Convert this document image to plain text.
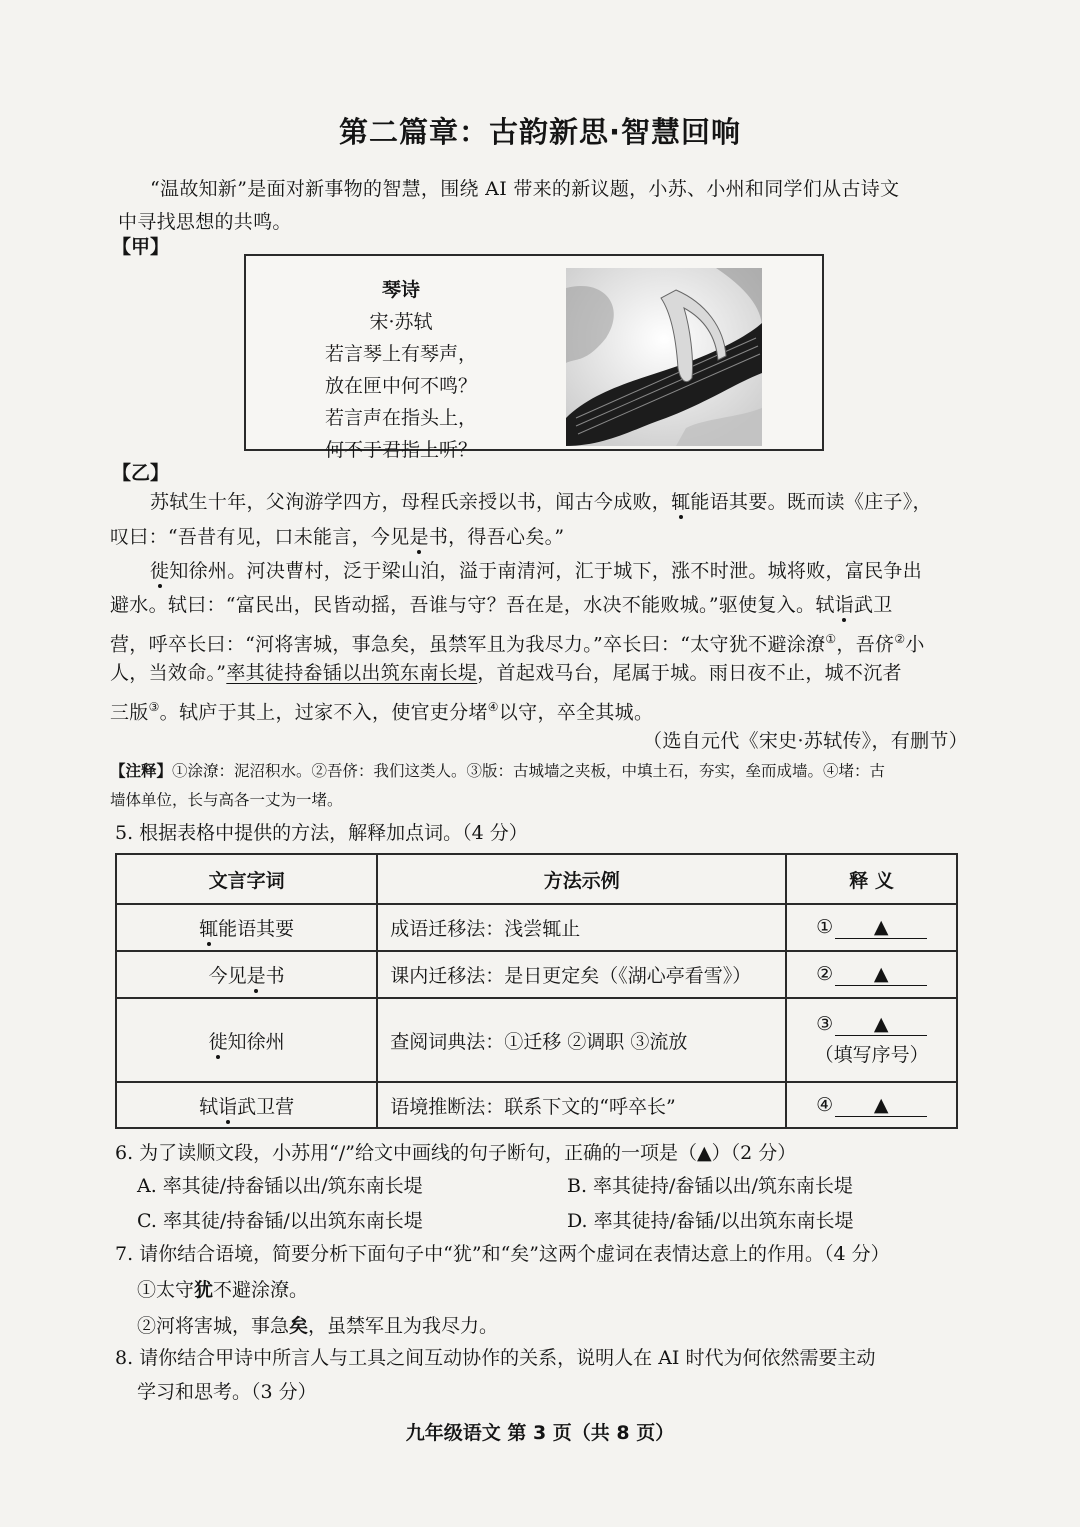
第二篇章：古韵新思·智慧回响
“温故知新”是面对新事物的智慧，围绕 AI 带来的新议题，小苏、小州和同学们从古诗文
中寻找思想的共鸣。
【甲】
琴诗
宋·苏轼
若言琴上有琴声，
放在匣中何不鸣？
若言声在指头上，
何不于君指上听？
【乙】
苏轼生十年，父洵游学四方，母程氏亲授以书，闻古今成败，辄能语其要。既而读《庄子》，
叹曰：“吾昔有见，口未能言，今见是书，得吾心矣。”
徙知徐州。河决曹村，泛于梁山泊，溢于南清河，汇于城下，涨不时泄。城将败，富民争出
避水。轼曰：“富民出，民皆动摇，吾谁与守？吾在是，水决不能败城。”驱使复入。轼诣武卫
营，呼卒长曰：“河将害城，事急矣，虽禁军且为我尽力。”卒长曰：“太守犹不避涂潦①，吾侪②小
人，当效命。”率其徒持畚锸以出筑东南长堤，首起戏马台，尾属于城。雨日夜不止，城不沉者
三版③。轼庐于其上，过家不入，使官吏分堵④以守，卒全其城。
（选自元代《宋史·苏轼传》，有删节）
【注释】①涂潦：泥沼积水。②吾侪：我们这类人。③版：古城墙之夹板，中填土石，夯实，垒而成墙。④堵：古
墙体单位，长与高各一丈为一堵。
5. 根据表格中提供的方法，解释加点词。（4 分）
文言字词	方法示例	释 义
辄能语其要	成语迁移法：浅尝辄止	① ▲
今见是书	课内迁移法：是日更定矣（《湖心亭看雪》）	② ▲
徙知徐州	查阅词典法：①迁移 ②调职 ③流放	③ ▲
（填写序号）

轼诣武卫营	语境推断法：联系下文的“呼卒长”	④ ▲
6. 为了读顺文段，小苏用“/”给文中画线的句子断句，正确的一项是（▲）（2 分）
A. 率其徒/持畚锸以出/筑东南长堤	B. 率其徒持/畚锸以出/筑东南长堤
C. 率其徒/持畚锸/以出筑东南长堤	D. 率其徒持/畚锸/以出筑东南长堤
7. 请你结合语境，简要分析下面句子中“犹”和“矣”这两个虚词在表情达意上的作用。（4 分）
①太守犹不避涂潦。
②河将害城，事急矣，虽禁军且为我尽力。
8. 请你结合甲诗中所言人与工具之间互动协作的关系，说明人在 AI 时代为何依然需要主动
学习和思考。（3 分）
九年级语文 第 3 页（共 8 页）
